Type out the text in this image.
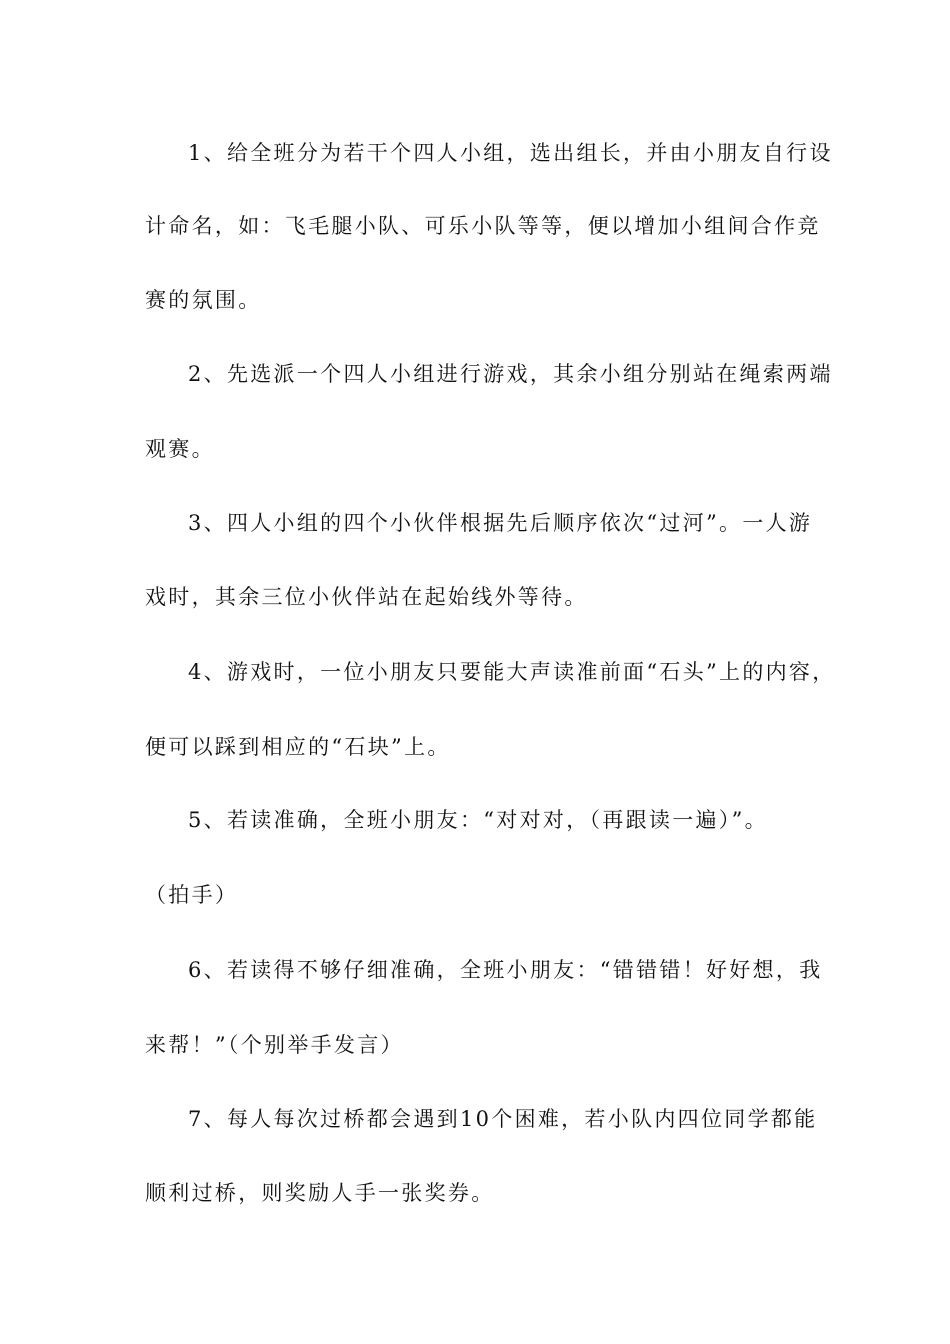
1、给全班分为若干个四人小组，选出组长，并由小朋友自行设
计命名，如：飞毛腿小队、可乐小队等等，便以增加小组间合作竞
赛的氛围。
2、先选派一个四人小组进行游戏，其余小组分别站在绳索两端
观赛。
3、四人小组的四个小伙伴根据先后顺序依次“过河”。一人游
戏时，其余三位小伙伴站在起始线外等待。
4、游戏时，一位小朋友只要能大声读准前面“石头”上的内容，
便可以踩到相应的“石块”上。
5、若读准确，全班小朋友：“对对对，（再跟读一遍）”。
（拍手）
6、若读得不够仔细准确，全班小朋友：“错错错！好好想，我
来帮！”（个别举手发言）
7、每人每次过桥都会遇到10个困难，若小队内四位同学都能
顺利过桥，则奖励人手一张奖券。
